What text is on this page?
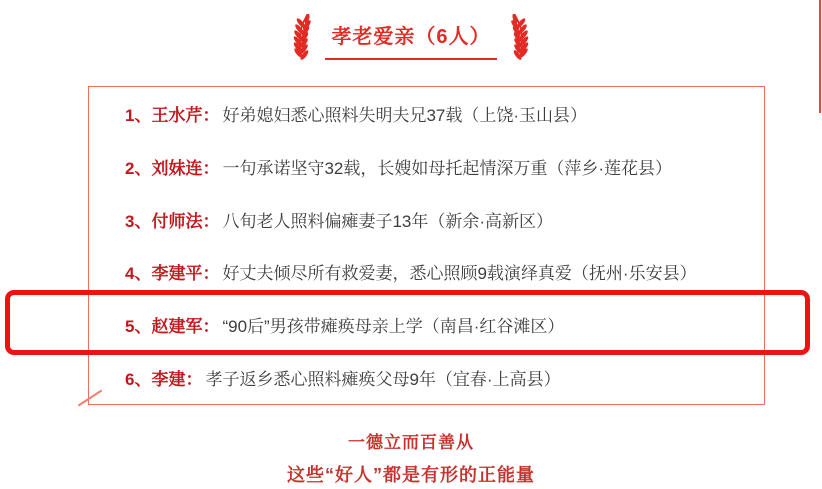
孝老爱亲（6人）
1、王水芹： 好弟媳妇悉心照料失明夫兄37载（上饶·玉山县）
2、刘妹连： 一句承诺坚守32载，长嫂如母托起情深万重（萍乡·莲花县）
3、付师法： 八旬老人照料偏瘫妻子13年（新余·高新区）
4、李建平： 好丈夫倾尽所有救爱妻，悉心照顾9载演绎真爱（抚州·乐安县）
5、赵建军： “90后”男孩带瘫痪母亲上学（南昌·红谷滩区）
6、李建： 孝子返乡悉心照料瘫痪父母9年（宜春·上高县）
一德立而百善从
这些“好人”都是有形的正能量
